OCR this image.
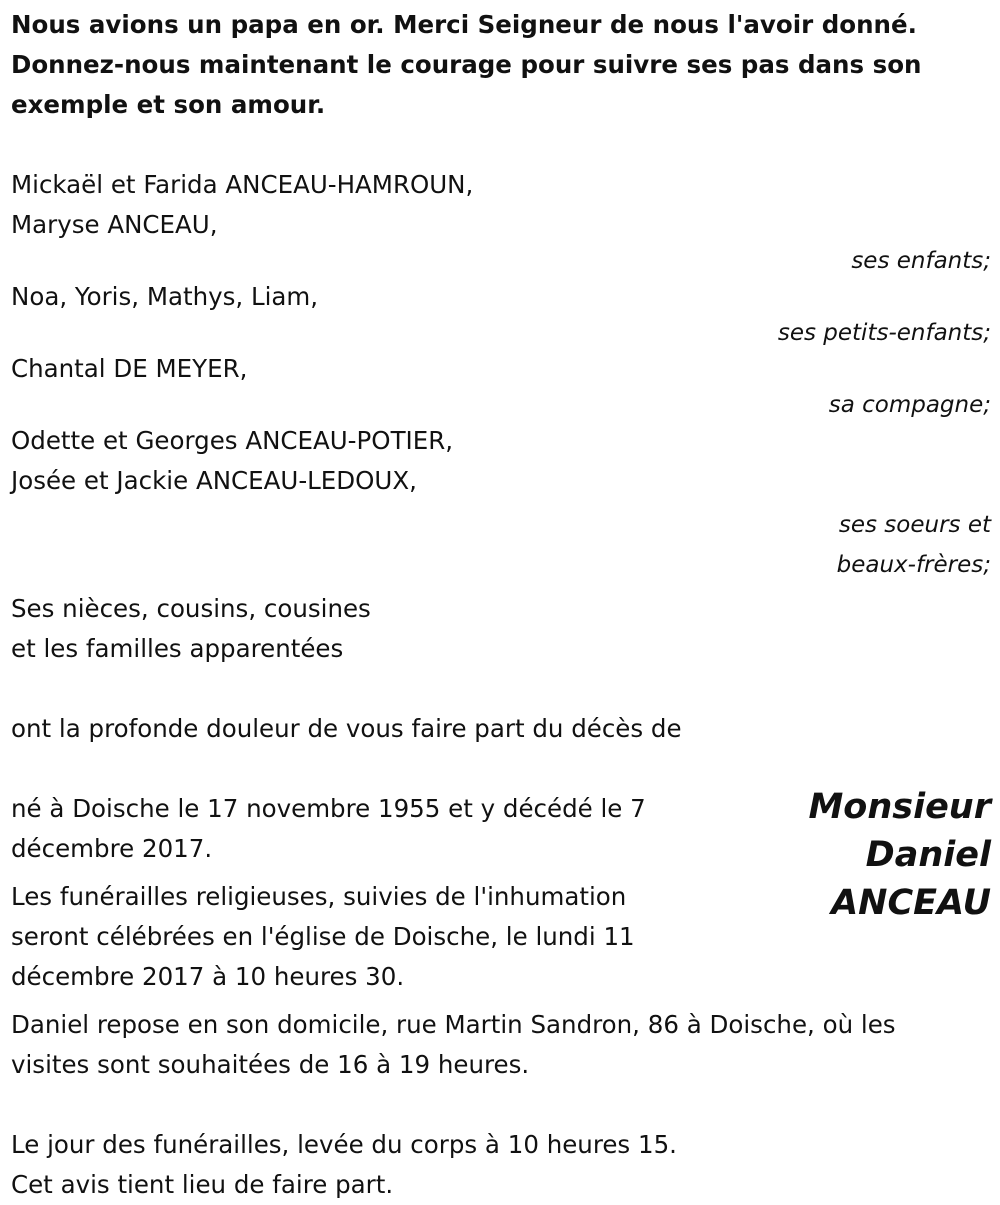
Nous avions un papa en or. Merci Seigneur de nous l'avoir donné.
Donnez-nous maintenant le courage pour suivre ses pas dans son
exemple et son amour.
Mickaël et Farida ANCEAU-HAMROUN,
Maryse ANCEAU,
ses enfants;
Noa, Yoris, Mathys, Liam,
ses petits-enfants;
Chantal DE MEYER,
sa compagne;
Odette et Georges ANCEAU-POTIER,
Josée et Jackie ANCEAU-LEDOUX,
ses soeurs et
beaux-frères;
Ses nièces, cousins, cousines
et les familles apparentées
ont la profonde douleur de vous faire part du décès de
Monsieur
Daniel
ANCEAU
né à Doische le 17 novembre 1955 et y décédé le 7
décembre 2017.
Les funérailles religieuses, suivies de l'inhumation
seront célébrées en l'église de Doische, le lundi 11
décembre 2017 à 10 heures 30.
Daniel repose en son domicile, rue Martin Sandron, 86 à Doische, où les
visites sont souhaitées de 16 à 19 heures.
Le jour des funérailles, levée du corps à 10 heures 15.
Cet avis tient lieu de faire part.
